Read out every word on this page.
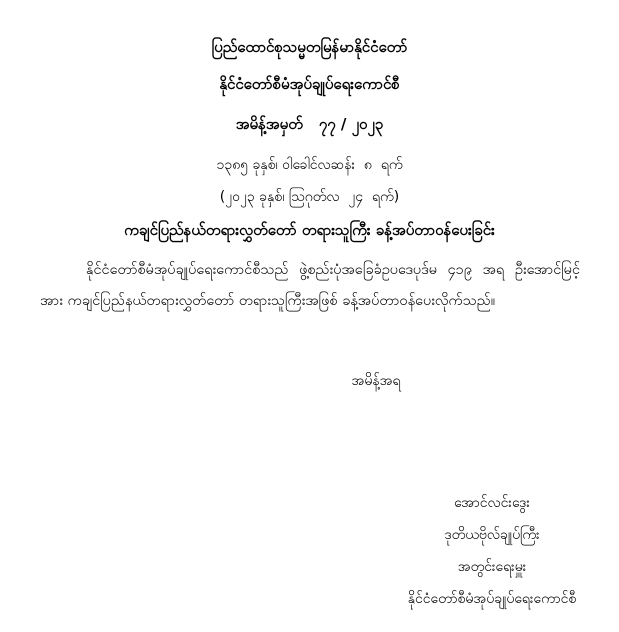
ပြည်ထောင်စုသမ္မတမြန်မာနိုင်ငံတော်
နိုင်ငံတော်စီမံအုပ်ချုပ်ရေးကောင်စီ
အမိန့်အမှတ် ၇၇ / ၂၀၂၃
၁၃၈၅ ခုနှစ်၊ ဝါခေါင်လဆန်း  ၈  ရက်
(၂၀၂၃ ခုနှစ်၊ ဩဂုတ်လ  ၂၄  ရက်)
ကချင်ပြည်နယ်တရားလွှတ်တော် တရားသူကြီး ခန့်အပ်တာဝန်ပေးခြင်း
နိုင်ငံတော်စီမံအုပ်ချုပ်ရေးကောင်စီသည် ဖွဲ့စည်းပုံအခြေခံဥပဒေပုဒ်မ ၄၁၉ အရ ဦးအောင်မြင့် အား ကချင်ပြည်နယ်တရားလွှတ်တော် တရားသူကြီးအဖြစ် ခန့်အပ်တာဝန်ပေးလိုက်သည်။
အမိန့်အရ
အောင်လင်းဒွေး
ဒုတိယဗိုလ်ချုပ်ကြီး
အတွင်းရေးမှူး
နိုင်ငံတော်စီမံအုပ်ချုပ်ရေးကောင်စီ
